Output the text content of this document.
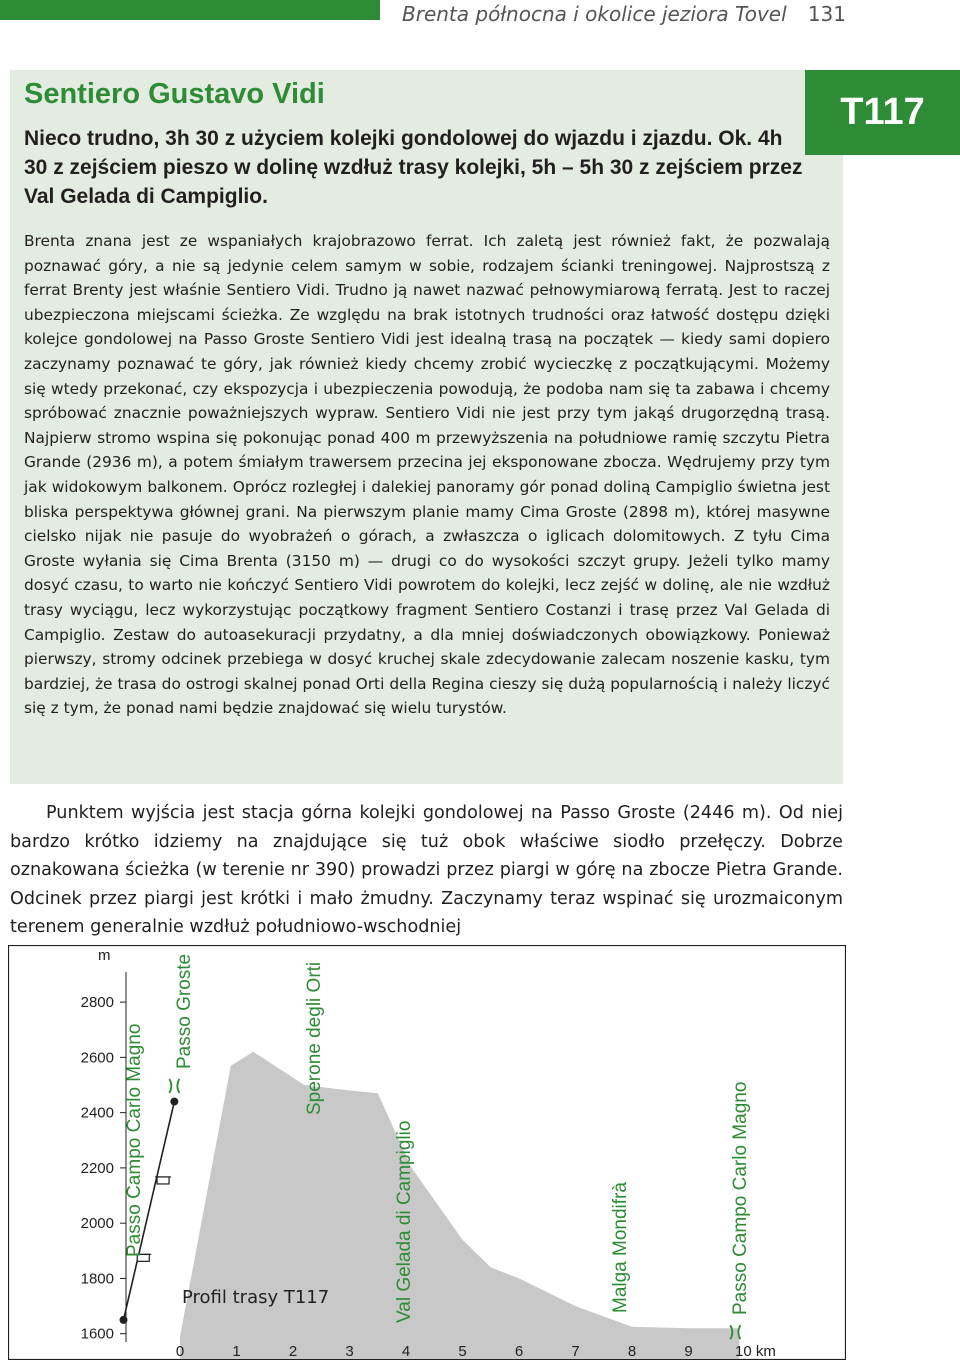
Brenta północna i okolice jeziora Tovel	131
T117
Sentiero Gustavo Vidi

Nieco trudno, 3h 30 z użyciem kolejki gondolowej do wjazdu i zjazdu. Ok. 4h 30 z zejściem pieszo w dolinę wzdłuż trasy kolejki, 5h – 5h 30 z zejściem przez Val Gelada di Campiglio.

Brenta znana jest ze wspaniałych krajobrazowo ferrat. Ich zaletą jest również fakt, że pozwalają poznawać góry, a nie są jedynie celem samym w sobie, rodzajem ścianki treningowej. Najprostszą z ferrat Brenty jest właśnie Sentiero Vidi. Trudno ją nawet nazwać pełnowymiarową ferratą. Jest to raczej ubezpieczona miejscami ścieżka. Ze względu na brak istotnych trudności oraz łatwość dostępu dzięki kolejce gondolowej na Passo Groste Sentiero Vidi jest idealną trasą na początek — kiedy sami dopiero zaczynamy poznawać te góry, jak również kiedy chcemy zrobić wycieczkę z początkującymi. Możemy się wtedy przekonać, czy ekspozycja i ubezpieczenia powodują, że podoba nam się ta zabawa i chcemy spróbować znacznie poważniejszych wypraw. Sentiero Vidi nie jest przy tym jakąś drugorzędną trasą. Najpierw stromo wspina się pokonując ponad 400 m przewyższenia na południowe ramię szczytu Pietra Grande (2936 m), a potem śmiałym trawersem przecina jej eksponowane zbocza. Wędrujemy przy tym jak widokowym balkonem. Oprócz rozległej i dalekiej panoramy gór ponad doliną Campiglio świetna jest bliska perspektywa głównej grani. Na pierwszym planie mamy Cima Groste (2898 m), której masywne cielsko nijak nie pasuje do wyobrażeń o górach, a zwłaszcza o iglicach dolomitowych. Z tyłu Cima Groste wyłania się Cima Brenta (3150 m) — drugi co do wysokości szczyt grupy. Jeżeli tylko mamy dosyć czasu, to warto nie kończyć Sentiero Vidi powrotem do kolejki, lecz zejść w dolinę, ale nie wzdłuż trasy wyciągu, lecz wykorzystując początkowy fragment Sentiero Costanzi i trasę przez Val Gelada di Campiglio. Zestaw do autoasekuracji przydatny, a dla mniej doświadczonych obowiązkowy. Ponieważ pierwszy, stromy odcinek przebiega w dosyć kruchej skale zdecydowanie zalecam noszenie kasku, tym bardziej, że trasa do ostrogi skalnej ponad Orti della Regina cieszy się dużą popularnością i należy liczyć się z tym, że ponad nami będzie znajdować się wielu turystów.

Punktem wyjścia jest stacja górna kolejki gondolowej na Passo Groste (2446 m). Od niej bardzo krótko idziemy na znajdujące się tuż obok właściwe siodło przełęczy. Dobrze oznakowana ścieżka (w terenie nr 390) prowadzi przez piargi w górę na zbocze Pietra Grande. Odcinek przez piargi jest krótki i mało żmudny. Zaczynamy teraz wspinać się urozmaiconym terenem generalnie wzdłuż południowo-wschodniej

1600
1800
2000
2200
2400
2600
2800
m
0	1	2	3	4	5	6	7	8	9	10 km
Passo Campo Carlo Magno
Passo Groste	Sperone degli Orti
Val Gelada di Campiglio	Malga Mondifrà	Passo Campo Carlo Magno
Profil trasy T117
